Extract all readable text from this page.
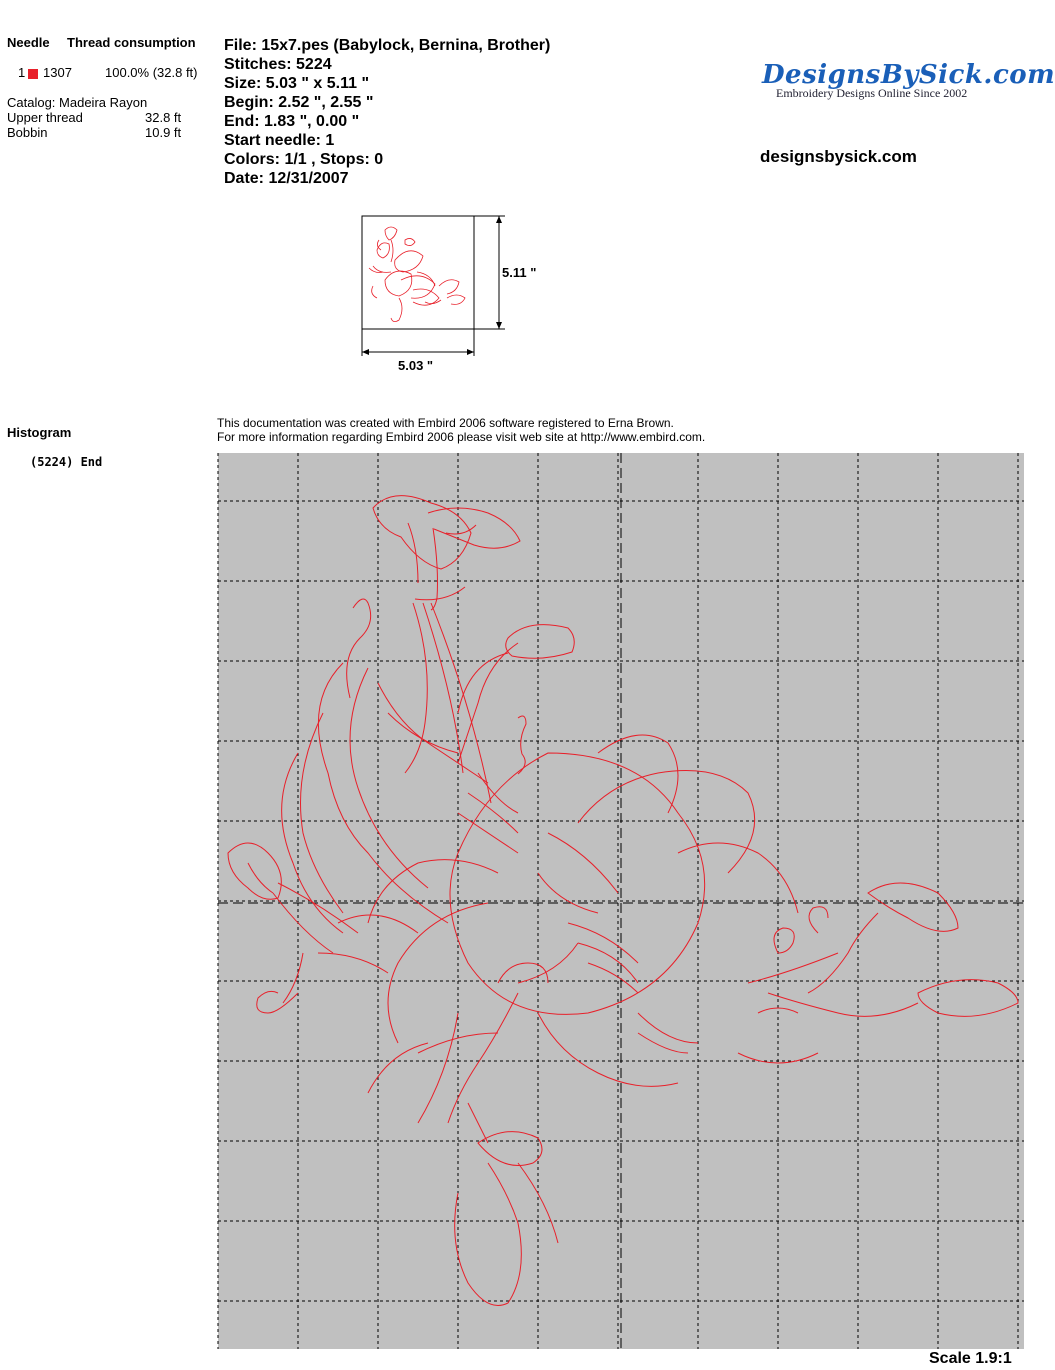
Needle Thread consumption
1 1307	100.0% (32.8 ft)
Catalog: Madeira Rayon
Upper thread	32.8 ft
Bobbin	10.9 ft
File: 15x7.pes (Babylock, Bernina, Brother)
Stitches: 5224
Size: 5.03 " x 5.11 "
Begin: 2.52 ", 2.55 "
End: 1.83 ", 0.00 "
Start needle: 1
Colors: 1/1 , Stops: 0
Date: 12/31/2007
DesignsBySick.com
Embroidery Designs Online Since 2002
designsbysick.com
5.11 "
5.03 "
Histogram
(5224) End
This documentation was created with Embird 2006 software registered to Erna Brown.
For more information regarding Embird 2006 please visit web site at http://www.embird.com.
Scale 1.9:1
